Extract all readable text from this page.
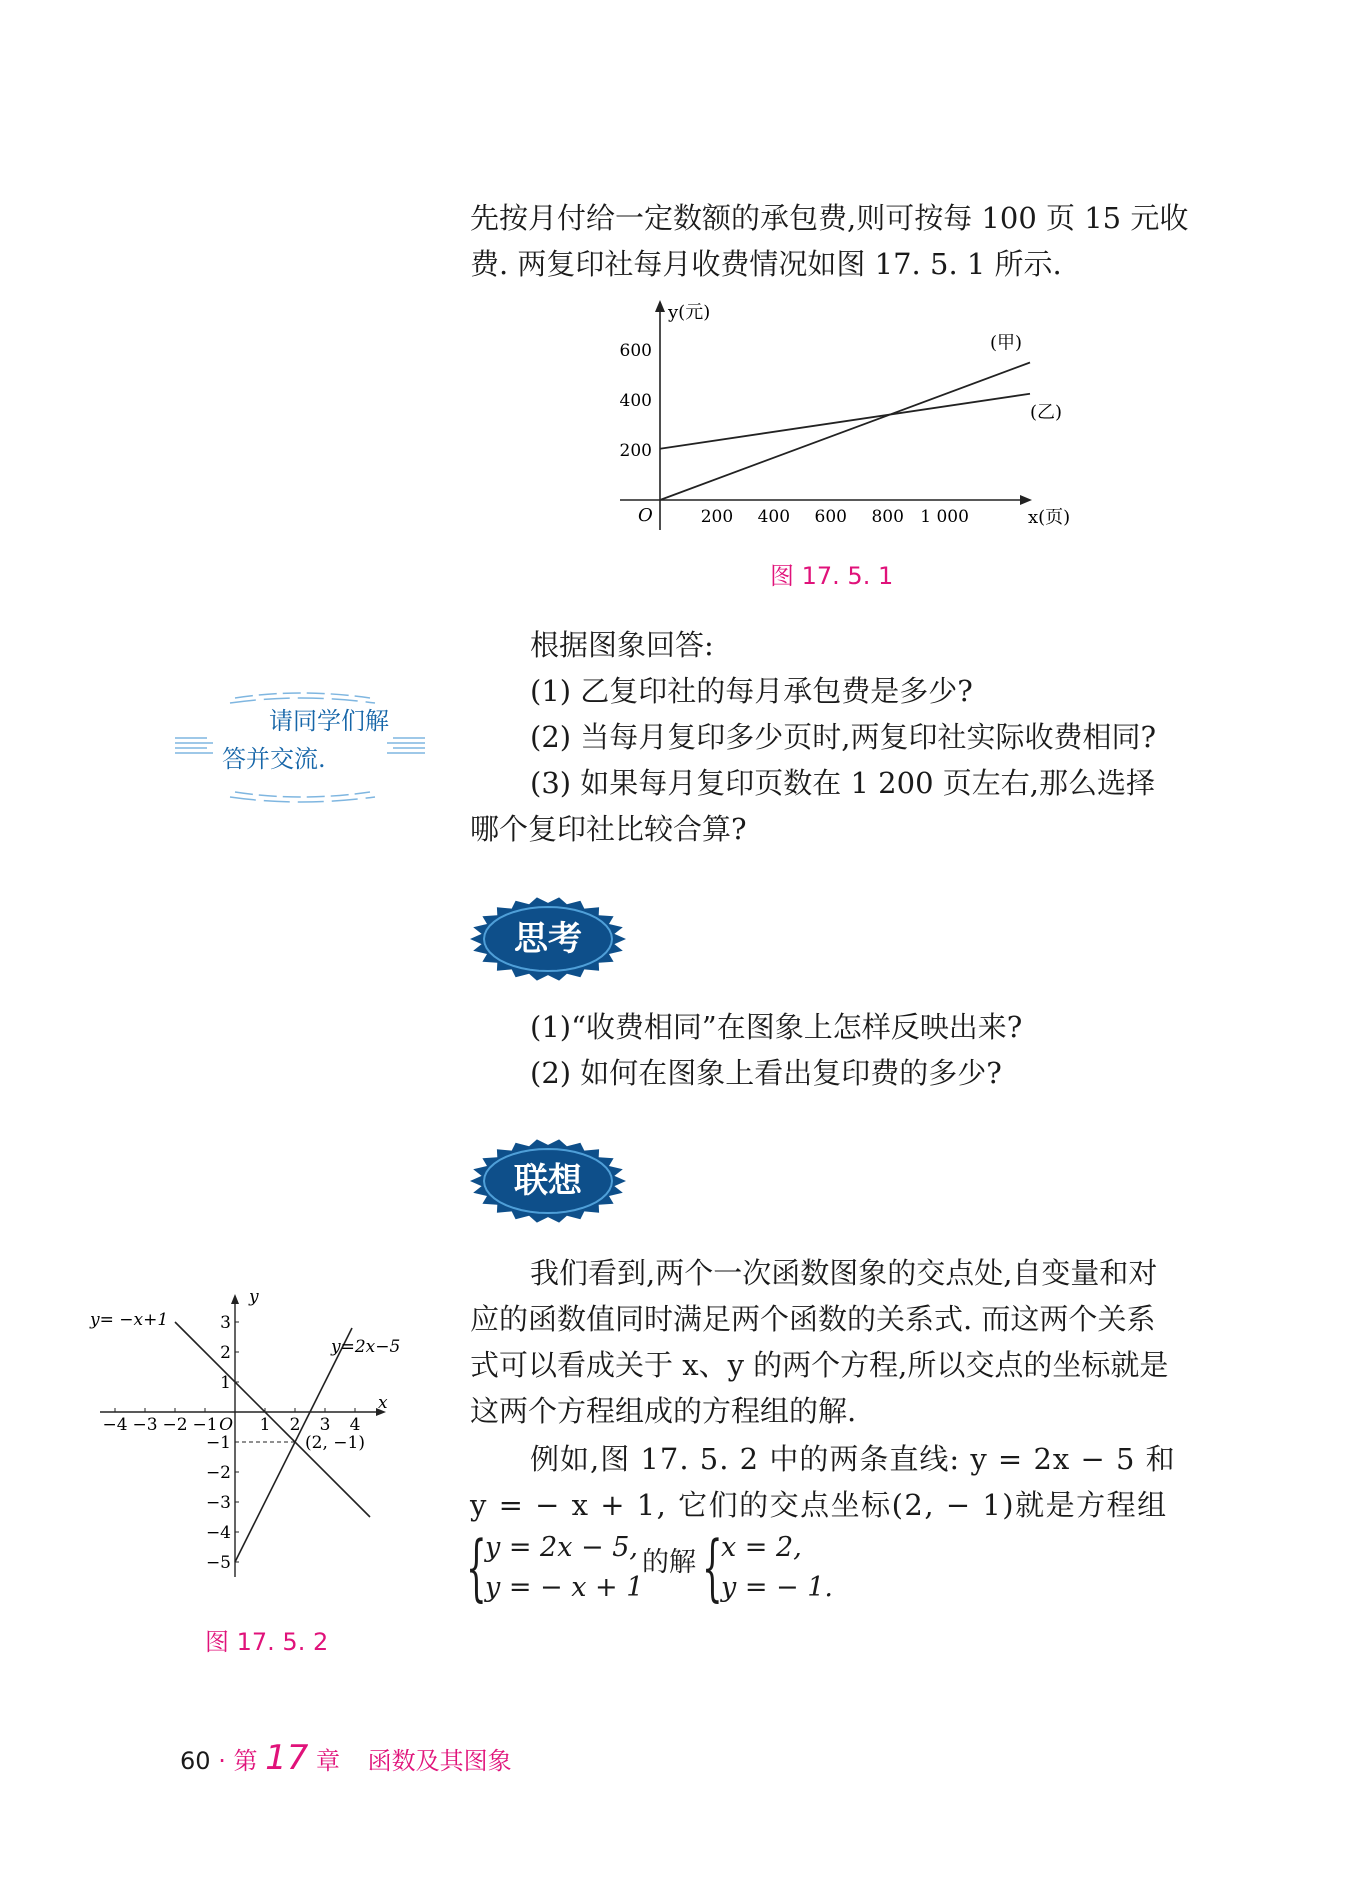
先按月付给一定数额的承包费,则可按每 100 页 15 元收
费. 两复印社每月收费情况如图 17. 5. 1 所示.
O
y(元)
x(页)
200
400
600
200 400 600 800 1 000
(甲)
(乙)
图 17. 5. 1
根据图象回答:
(1) 乙复印社的每月承包费是多少?
(2) 当每月复印多少页时,两复印社实际收费相同?
(3) 如果每月复印页数在 1 200 页左右,那么选择
哪个复印社比较合算?
请同学们解
答并交流.
思考
(1)“收费相同”在图象上怎样反映出来?
(2) 如何在图象上看出复印费的多少?
联想
我们看到,两个一次函数图象的交点处,自变量和对
应的函数值同时满足两个函数的关系式. 而这两个关系
式可以看成关于 x、y 的两个方程,所以交点的坐标就是
这两个方程组成的方程组的解.
例如,图 17. 5. 2 中的两条直线: y = 2x − 5 和
y = − x + 1, 它们的交点坐标(2, − 1)就是方程组
{
y = 2x − 5,
y = − x + 1
的解 {
x = 2,
y = − 1.
y
x
O
−4 −3 −2 −1 1 2 3 4
3
2
1
−1
−2
−3
−4
−5
y= −x+1
y=2x−5
(2, −1)
图 17. 5. 2
60 · 第 17 章 函数及其图象
